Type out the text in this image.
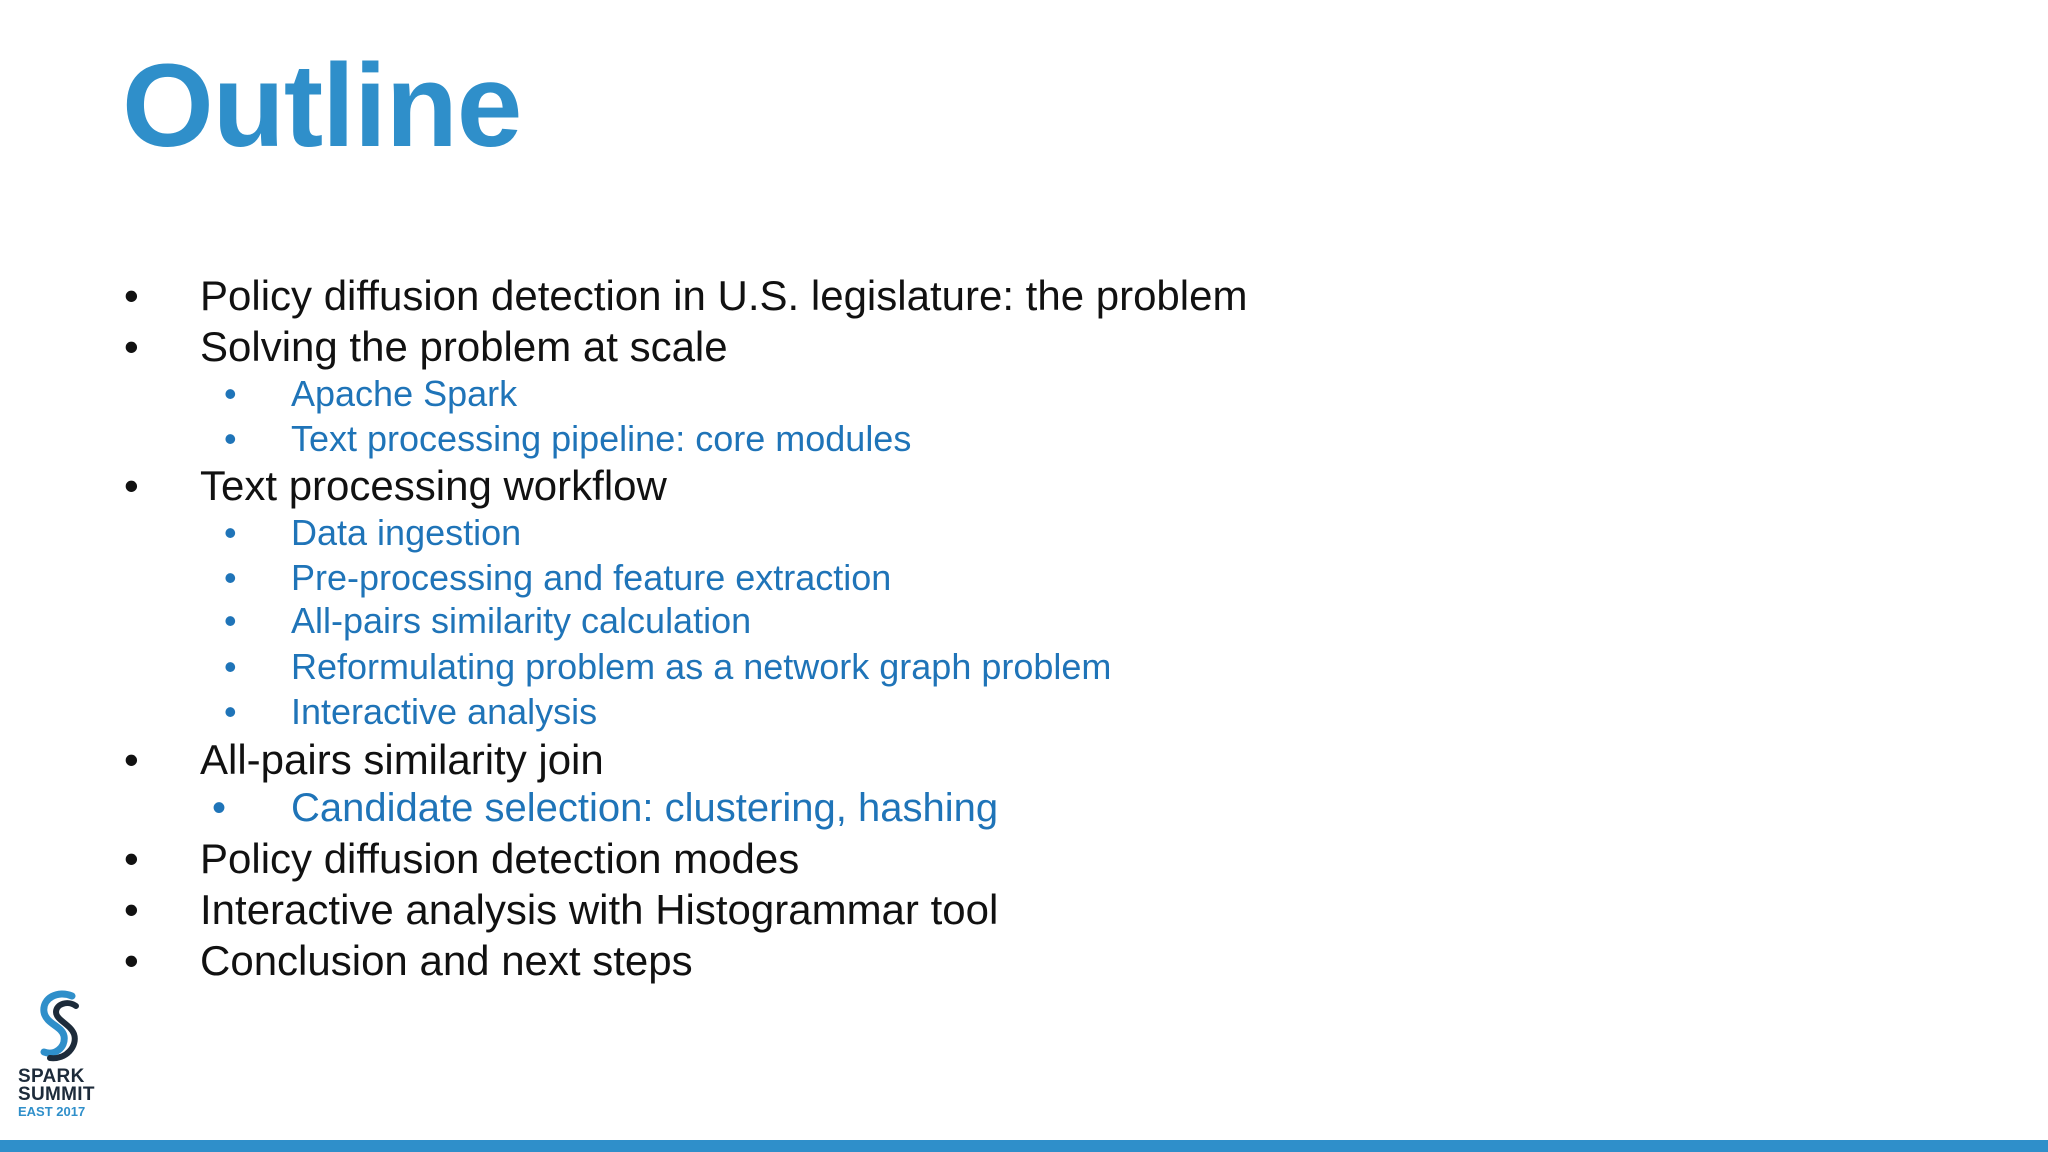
Outline
• Policy diffusion detection in U.S. legislature: the problem
• Solving the problem at scale
• Apache Spark
• Text processing pipeline: core modules
• Text processing workflow
• Data ingestion
• Pre-processing and feature extraction
• All-pairs similarity calculation
• Reformulating problem as a network graph problem
• Interactive analysis
• All-pairs similarity join
• Candidate selection: clustering, hashing
• Policy diffusion detection modes
• Interactive analysis with Histogrammar tool
• Conclusion and next steps
SPARK
SUMMIT
EAST 2017
